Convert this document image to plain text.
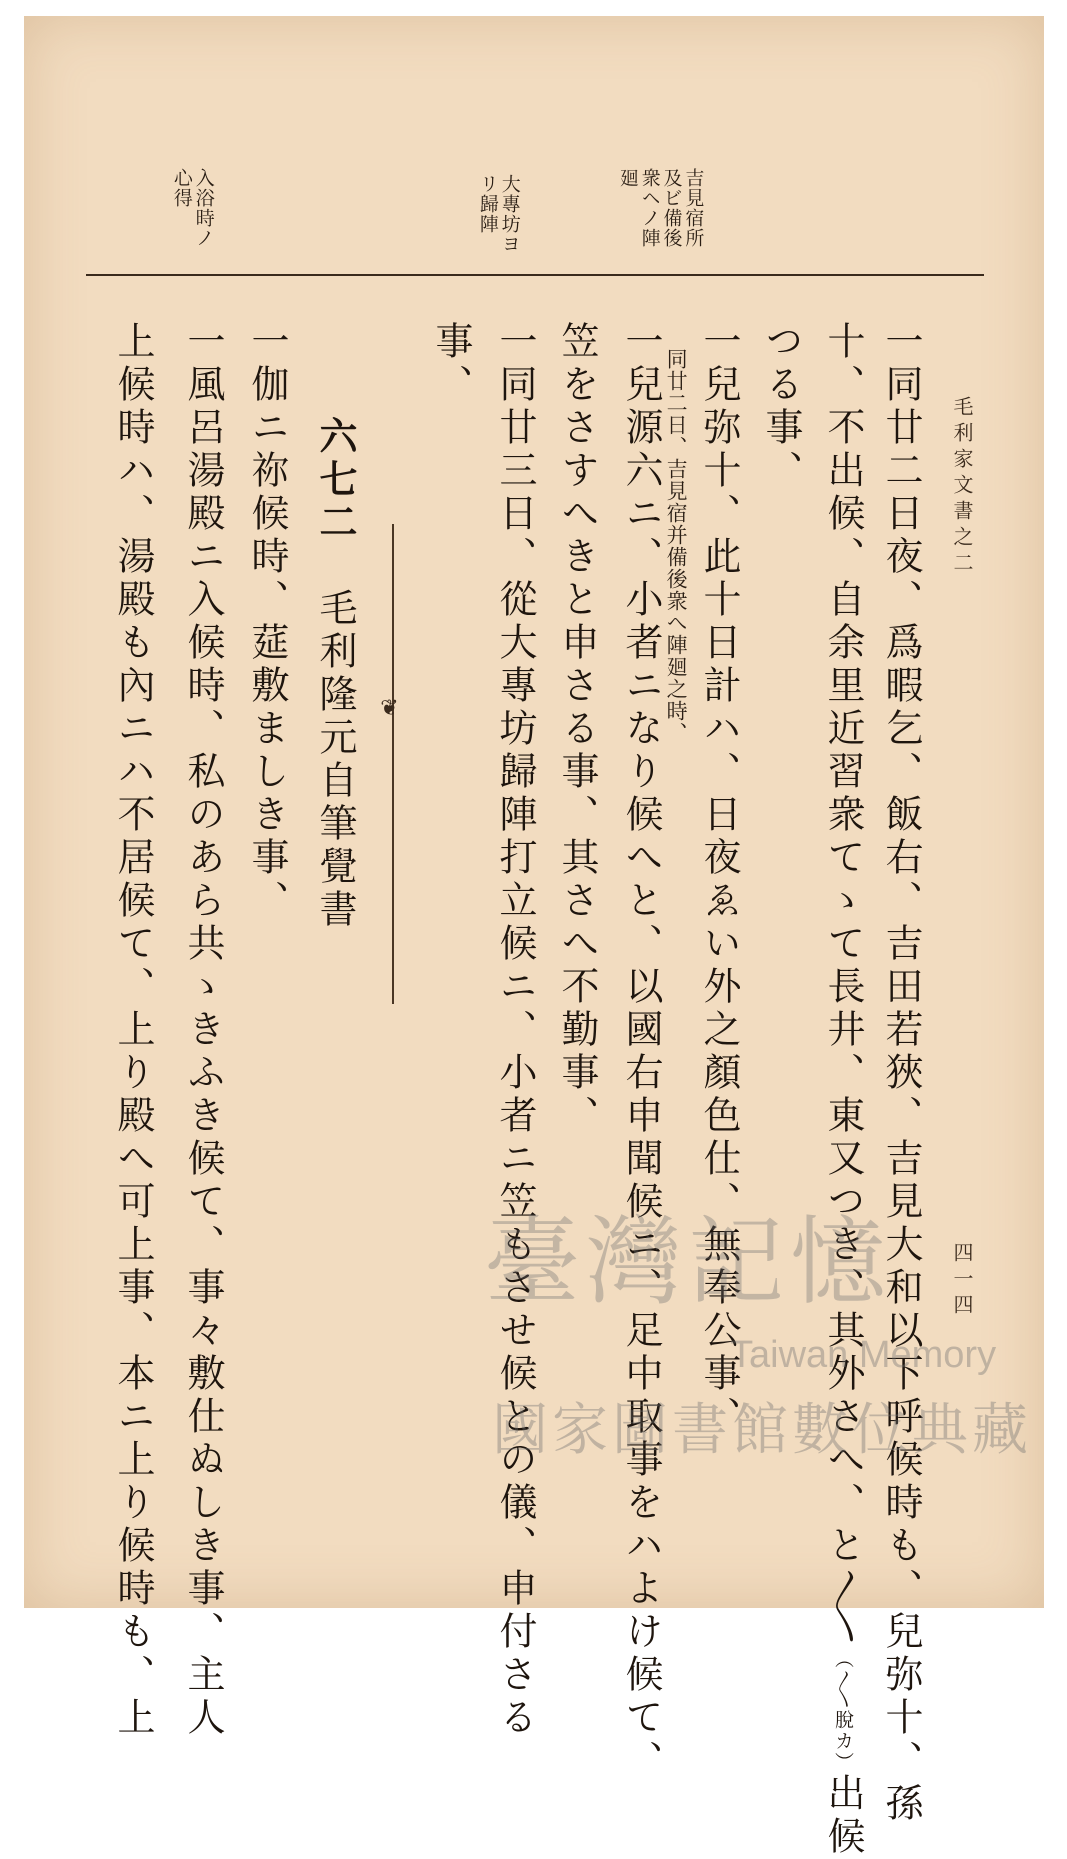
毛利家文書之二
四一四
吉見宿所
及ビ備後
衆ヘノ陣
廻
大專坊ヨ
リ歸陣
入浴時ノ
心得
一同廿二日夜、爲暇乞、飯右、吉田若狹、吉見大和以下呼候時も、兒弥十、孫
十、不出候、自余里近習衆てゝて長井、東又つき、其外さへ、と〳〵（〳〵脫カ）出候
つる事、
一兒弥十、此十日計ハ、日夜ゑい外之顏色仕、無奉公事、
同廿二日、吉見宿并備後衆へ陣廻之時、
一兒源六ニ、小者ニなり候へと、以國右申聞候ニ、足中取事をハよけ候て、
笠をさすへきと申さる事、其さへ不勤事、
一同廿三日、從大專坊歸陣打立候ニ、小者ニ笠もさせ候との儀、申付さる
事、
❦
六七二　毛利隆元自筆覺書
一伽ニ祢候時、莚敷ましき事、
一風呂湯殿ニ入候時、私のあら共ゝきふき候て、事々敷仕ぬしき事、主人
上候時ハ、湯殿も內ニハ不居候て、上り殿へ可上事、本ニ上り候時も、上	臺灣記憶
Taiwan Memory
國家圖書館數位典藏
